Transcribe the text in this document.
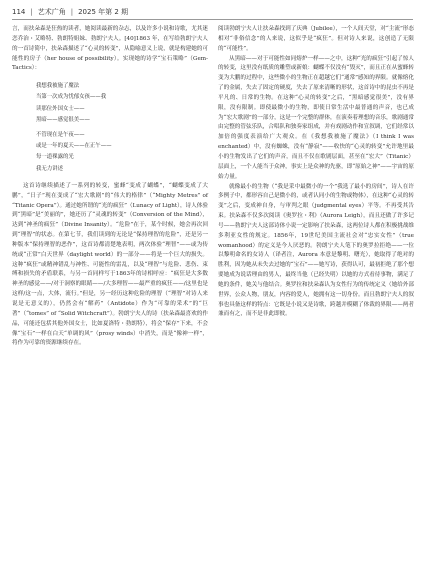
114 | 艺术广角 | 2025 年第 2 期

言，而扶朵森是狂热的读者，她阅读最新的杂志，以及许多小说和诗歌，尤其迷恋乔治・艾略特、勃朗特姐妹、勃朗宁夫人。[40]1863 年，在写给勃朗宁夫人的一首诗简中，扶朵森描述了“心灵的转变”，从隐喻意义上说，就是构建她的可能性的房子（her house of possibility）。实现她的诗学“宝石策略”（Gem-Tactics）：

我想我被施了魔法
当第一次成为忧郁女孩——我
读那位外国女士——
黑暗——感觉很美——
不管现在是午夜——
或是一年的夏天——在正午——
每一道裸露的光
我无力讲述

这首诗继续描述了一系列的转变，蜜蜂“变成了蝴蝶”，“蝴蝶变成了大鹏”，“日子”现在变成了“宏大歌剧”的“伟大的格律”（“Mighty Metres” of “Titanic Opera”）。通过她所谓的“光的疯狂”（Lunacy of Light），诗人体验到“黑暗”是“美丽的”，她还历了“灵魂的转变”（Conversion of the Mind），达到“神圣的疯狂”（Divine Insanity）。“危险”在于，某个时候，她会再次回到“理智”的状态。在第七节，我们读到的无论是“保持理智的危险”，还是另一种版本“保持理智的恶作”，这首诗都清楚地表明，两次体验“理智”——或为传统或“正常”白天世界（daylight world）的一部分——将是一个巨大的损失。这种“疯狂”或精神错乱与神性、可能性的雷乱，以及“理智”与危险、悲伤、束缚和损失的矛盾联系，与另一首同样写于1863年的诗相呼应：“疯狂是大多数神圣的感觉——/对于洞察的眼睛——/大多理智——最严重的疯狂——/这里也是这样/这一点，大体，流行。”但是，另一经历这种危险的理智（“理智”对诗人来说是无意义的），仍然会有“解药”（Antidote）作为“可靠的采术”的“巨著”（“tomes” of “Solid Witchcraft”）。勃朗宁夫人的诗（扶朵森最喜欢的作品，可能还包括其他外国女士，比如夏洛特・勃朗特），将会“保存”下来，不会像“宝石”一样在白天“单调的风”（prosy winds）中消失，而是“像神一样”，将作为可靠的资源继续存在。

阅读勃朗宁夫人让扶朵森找到了庆典（Jubilee），一个人间天堂，对“主流”形态相对“非俗信念”的人来说，这似乎是“疯狂”。但对诗人来说，这创造了无限的“可能性”。

从黑暗——对于可能性如同熔炉一样——之中，这种“光的疯狂”引起了惊人的转变，这里没有纸质的雕塑或新娘：蝴蝶不仅没有“毁灭”，而且正在从蜜蜂转变为大鹏的过程中，这些微小的生物正在超越它们“通常”感知的界限。就像熔化了的金属，失去了固定的硬度，失去了原来清晰的形状，这首诗中的昆虫不再是平凡的、日常的生物。在这种“心灵的转变”之后，“黑暗感觉很美”，没有界限，没有限制。即使最微小的生物，即使日常生活中最普通的声音，也已成为“宏大歌剧”的一部分，这是一个完整的群体，在演奏着理想的音乐，歌剧通常由完整的管弦乐队，合唱队和独奏家组成，并有戏剧动作和宣叙调，它们经常以加倍的强度表演给广大观众。在《我想我被施了魔法》（I think I was enchanted）中，没有蜘蛛，没有“静寂”——收快的“心灵的转变”允许地里最小的生物发出了它们的声音，而且不仅在歌剧层面，甚至在“宏大”（Titanic）层面上，一个人能当于众神，事实上是众神的先驱，即“原始之神”——宇宙的原始力量。

就像最小的生物（“我是采中最微小的一个”我选了最小的房间”，诗人在许多例子中，都形容自己是微小的，或者认同小的生物或物体），在这种“心灵的转变”之后，变成神自身，与审判之眼（judgmental eyes）平等。不再受其告束。扶朵森不仅多次阅读《奥罗拉・利》（Aurora Leigh），而且还做了许多记号——勃朗宁夫人这部诗体小说一定影响了扶朵森，这两位诗人都在积极挑战维多利亚女性的规定。1856年，19世纪美国主流社会对“忠实女性”（true womanhood）的定义是今人厌恶的。勃朗宁夫人笔下的奥罗拉拒绝——一位以黎明命名的女诗人（译者注，Aurora 本意是黎明、曙光），她取得了绝对的胜利，因为她从未失去过她的“宝石”——她写诗，获得认可，最初拒绝了那个想要她成为说话理由的男人，最终当他（已经失明）以她的方式看待事物，满足了她的条件，她关与他结合。奥罗拉和扶朵森认为女性行为的传统定义（她给外部世界，公众人物，朋友，内容的爱人，她拥有这一切身份。而且勃朗宁夫人的叙事也具备这样的特点：它既是小说又是诗歌，跨越并模糊了体裁的界限——两者兼而有之，而不是非此即彼。
